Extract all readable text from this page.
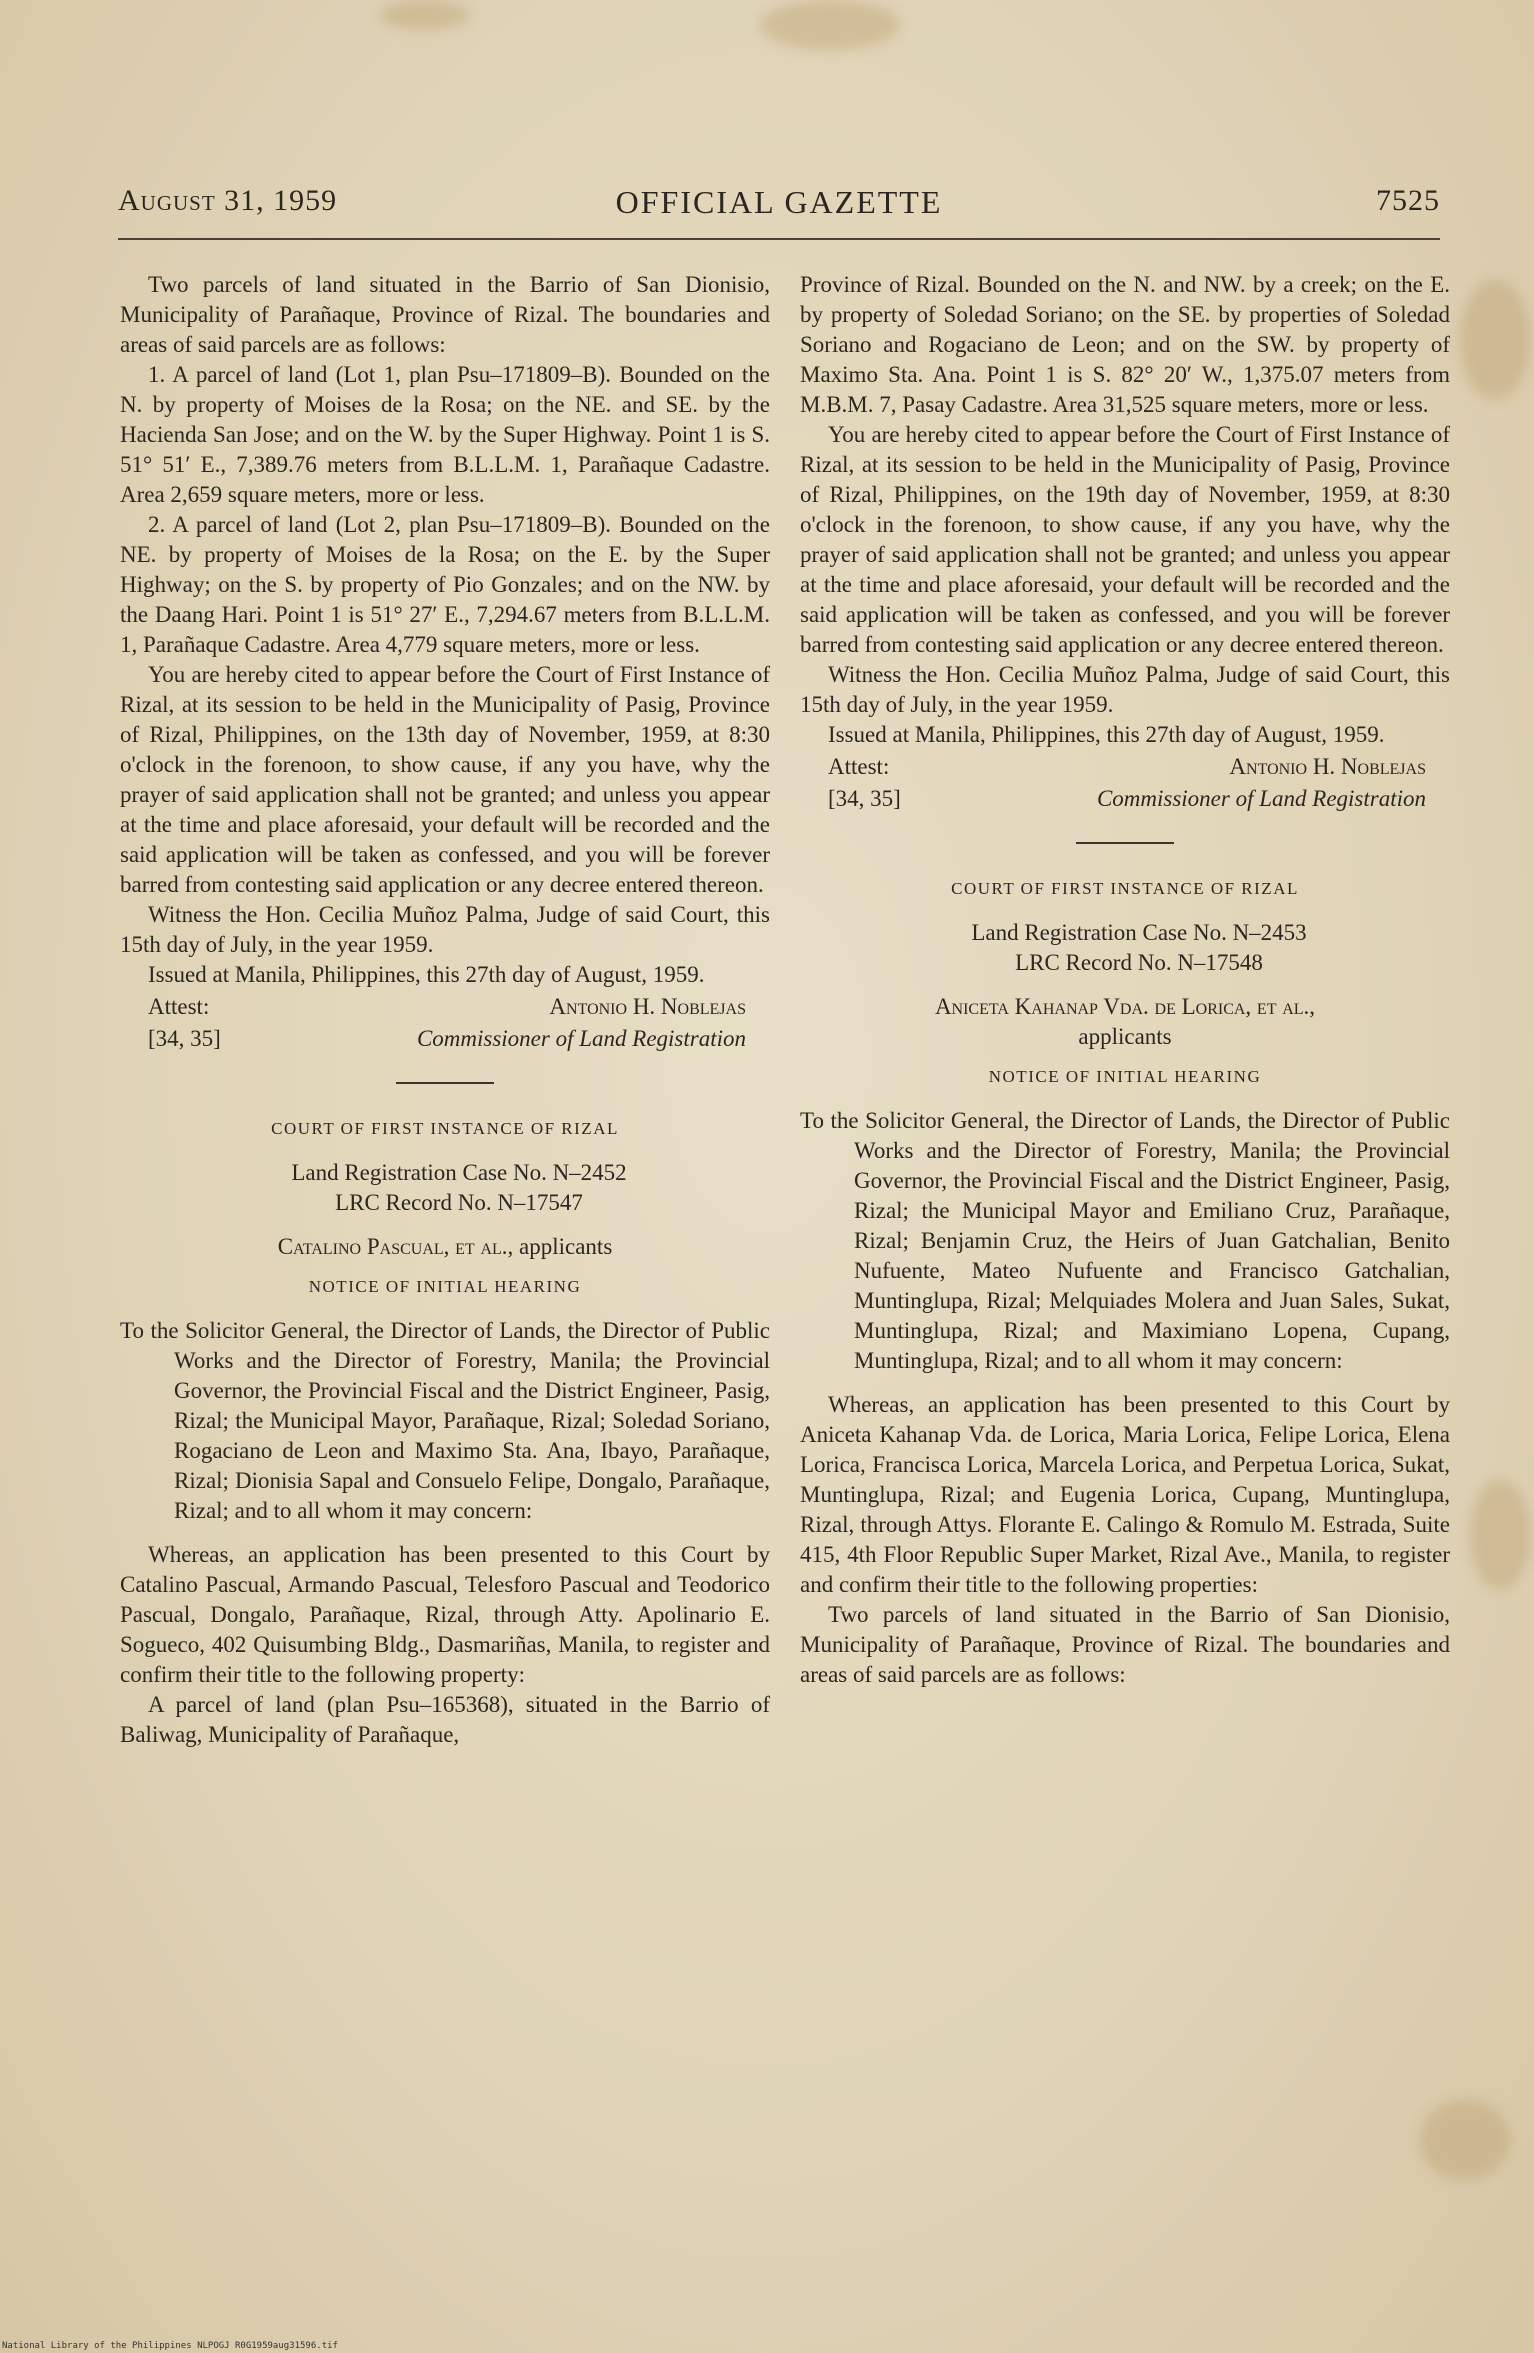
August 31, 1959	OFFICIAL GAZETTE	7525

Two parcels of land situated in the Barrio of San Dionisio, Municipality of Parañaque, Province of Rizal. The boundaries and areas of said parcels are as follows:

1. A parcel of land (Lot 1, plan Psu–171809–B). Bounded on the N. by property of Moises de la Rosa; on the NE. and SE. by the Hacienda San Jose; and on the W. by the Super Highway. Point 1 is S. 51° 51′ E., 7,389.76 meters from B.L.L.M. 1, Parañaque Cadastre. Area 2,659 square meters, more or less.

2. A parcel of land (Lot 2, plan Psu–171809–B). Bounded on the NE. by property of Moises de la Rosa; on the E. by the Super Highway; on the S. by property of Pio Gonzales; and on the NW. by the Daang Hari. Point 1 is 51° 27′ E., 7,294.67 meters from B.L.L.M. 1, Parañaque Cadastre. Area 4,779 square meters, more or less.

You are hereby cited to appear before the Court of First Instance of Rizal, at its session to be held in the Municipality of Pasig, Province of Rizal, Philippines, on the 13th day of November, 1959, at 8:30 o'clock in the forenoon, to show cause, if any you have, why the prayer of said application shall not be granted; and unless you appear at the time and place aforesaid, your default will be recorded and the said application will be taken as confessed, and you will be forever barred from contesting said application or any decree entered thereon.

Witness the Hon. Cecilia Muñoz Palma, Judge of said Court, this 15th day of July, in the year 1959.

Issued at Manila, Philippines, this 27th day of August, 1959.

Attest:	Antonio H. Noblejas
[34, 35]	Commissioner of Land Registration
COURT OF FIRST INSTANCE OF RIZAL

Land Registration Case No. N–2452

LRC Record No. N–17547

Catalino Pascual, et al., applicants
NOTICE OF INITIAL HEARING

To the Solicitor General, the Director of Lands, the Director of Public Works and the Director of Forestry, Manila; the Provincial Governor, the Provincial Fiscal and the District Engineer, Pasig, Rizal; the Municipal Mayor, Parañaque, Rizal; Soledad Soriano, Rogaciano de Leon and Maximo Sta. Ana, Ibayo, Parañaque, Rizal; Dionisia Sapal and Consuelo Felipe, Dongalo, Parañaque, Rizal; and to all whom it may concern:

Whereas, an application has been presented to this Court by Catalino Pascual, Armando Pascual, Telesforo Pascual and Teodorico Pascual, Dongalo, Parañaque, Rizal, through Atty. Apolinario E. Sogueco, 402 Quisumbing Bldg., Dasmariñas, Manila, to register and confirm their title to the following property:

A parcel of land (plan Psu–165368), situated in the Barrio of Baliwag, Municipality of Parañaque,

Province of Rizal. Bounded on the N. and NW. by a creek; on the E. by property of Soledad Soriano; on the SE. by properties of Soledad Soriano and Rogaciano de Leon; and on the SW. by property of Maximo Sta. Ana. Point 1 is S. 82° 20′ W., 1,375.07 meters from M.B.M. 7, Pasay Cadastre. Area 31,525 square meters, more or less.

You are hereby cited to appear before the Court of First Instance of Rizal, at its session to be held in the Municipality of Pasig, Province of Rizal, Philippines, on the 19th day of November, 1959, at 8:30 o'clock in the forenoon, to show cause, if any you have, why the prayer of said application shall not be granted; and unless you appear at the time and place aforesaid, your default will be recorded and the said application will be taken as confessed, and you will be forever barred from contesting said application or any decree entered thereon.

Witness the Hon. Cecilia Muñoz Palma, Judge of said Court, this 15th day of July, in the year 1959.

Issued at Manila, Philippines, this 27th day of August, 1959.

Attest:	Antonio H. Noblejas
[34, 35]	Commissioner of Land Registration
COURT OF FIRST INSTANCE OF RIZAL

Land Registration Case No. N–2453

LRC Record No. N–17548

Aniceta Kahanap Vda. de Lorica, et al.,
applicants
NOTICE OF INITIAL HEARING

To the Solicitor General, the Director of Lands, the Director of Public Works and the Director of Forestry, Manila; the Provincial Governor, the Provincial Fiscal and the District Engineer, Pasig, Rizal; the Municipal Mayor and Emiliano Cruz, Parañaque, Rizal; Benjamin Cruz, the Heirs of Juan Gatchalian, Benito Nufuente, Mateo Nufuente and Francisco Gatchalian, Muntinglupa, Rizal; Melquiades Molera and Juan Sales, Sukat, Muntinglupa, Rizal; and Maximiano Lopena, Cupang, Muntinglupa, Rizal; and to all whom it may concern:

Whereas, an application has been presented to this Court by Aniceta Kahanap Vda. de Lorica, Maria Lorica, Felipe Lorica, Elena Lorica, Francisca Lorica, Marcela Lorica, and Perpetua Lorica, Sukat, Muntinglupa, Rizal; and Eugenia Lorica, Cupang, Muntinglupa, Rizal, through Attys. Florante E. Calingo & Romulo M. Estrada, Suite 415, 4th Floor Republic Super Market, Rizal Ave., Manila, to register and confirm their title to the following properties:

Two parcels of land situated in the Barrio of San Dionisio, Municipality of Parañaque, Province of Rizal. The boundaries and areas of said parcels are as follows:

National Library of the Philippines NLPOGJ R0G1959aug31596.tif
